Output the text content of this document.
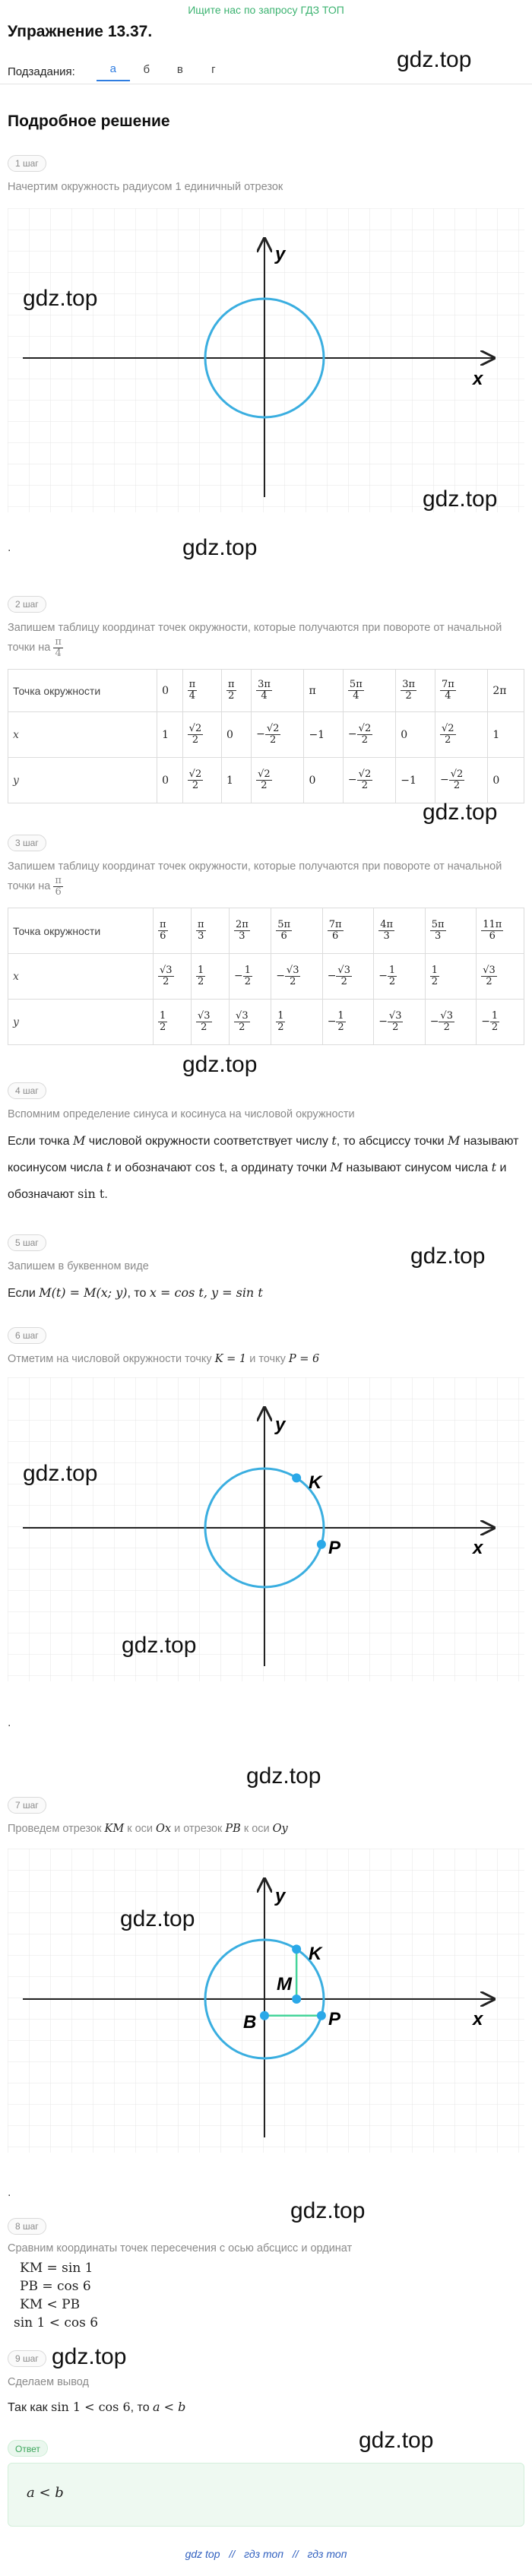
Ищите нас по запросу ГДЗ ТОП
Упражнение 13.37.
gdz.top
Подзадания:	а	б	в	г
Подробное решение
1 шаг
Начертим окружность радиусом 1 единичный отрезок
x
y
gdz.top
gdz.top
.	gdz.top
2 шаг
Запишем таблицу координат точек окружности, которые получаются при повороте от начальной точки на $\frac{\pi}{4}$
Точка окружности	0	$\frac{\pi}{4}$	$\frac{\pi}{2}$	$\frac{3\pi}{4}$	π	$\frac{5\pi}{4}$	$\frac{3\pi}{2}$	$\frac{7\pi}{4}$	2π
x	1	$\frac{√2}{2}$	0	− $\frac{√2}{2}$	−1	− $\frac{√2}{2}$	0	$\frac{√2}{2}$	1
y	0	$\frac{√2}{2}$	1	$\frac{√2}{2}$	0	− $\frac{√2}{2}$	−1	− $\frac{√2}{2}$	0
gdz.top
3 шаг
Запишем таблицу координат точек окружности, которые получаются при повороте от начальной точки на $\frac{\pi}{6}$
Точка окружности	$\frac{\pi}{6}$	$\frac{\pi}{3}$	$\frac{2\pi}{3}$	$\frac{5\pi}{6}$	$\frac{7\pi}{6}$	$\frac{4\pi}{3}$	$\frac{5\pi}{3}$	$\frac{11\pi}{6}$

x	$\frac{√3}{2}$	$\frac{1}{2}$	− $\frac{1}{2}$	− $\frac{√3}{2}$	− $\frac{√3}{2}$	− $\frac{1}{2}$	$\frac{1}{2}$	$\frac{√3}{2}$

y	$\frac{1}{2}$	$\frac{√3}{2}$	$\frac{√3}{2}$	$\frac{1}{2}$	− $\frac{1}{2}$	− $\frac{√3}{2}$	− $\frac{√3}{2}$	− $\frac{1}{2}$
gdz.top
4 шаг
Вспомним определение синуса и косинуса на числовой окружности
Если точка M числовой окружности соответствует числу t, то абсциссу точки M называют косинусом числа t и обозначают cos t, а ординату точки M называют синусом числа t и обозначают sin t.
gdz.top
5 шаг
Запишем в буквенном виде
Если M(t) = M(x; y), то x = cos t, y = sin t
6 шаг
Отметим на числовой окружности точку K = 1 и точку P = 6
x
y
K
P
gdz.top
gdz.top
.
gdz.top
7 шаг
Проведем отрезок KM к оси Ox и отрезок PB к оси Oy
x
y
K
P
M
B
gdz.top
.
gdz.top
8 шаг
Сравним координаты точек пересечения с осью абсцисс и ординат
KM = sin 1
PB = cos 6
KM < PB
sin 1 < cos 6
9 шаг gdz.top
Сделаем вывод
Так как sin 1 < cos 6, то a < b
gdz.top
Ответ
a < b
gdz top // гдз топ // гдз топ
